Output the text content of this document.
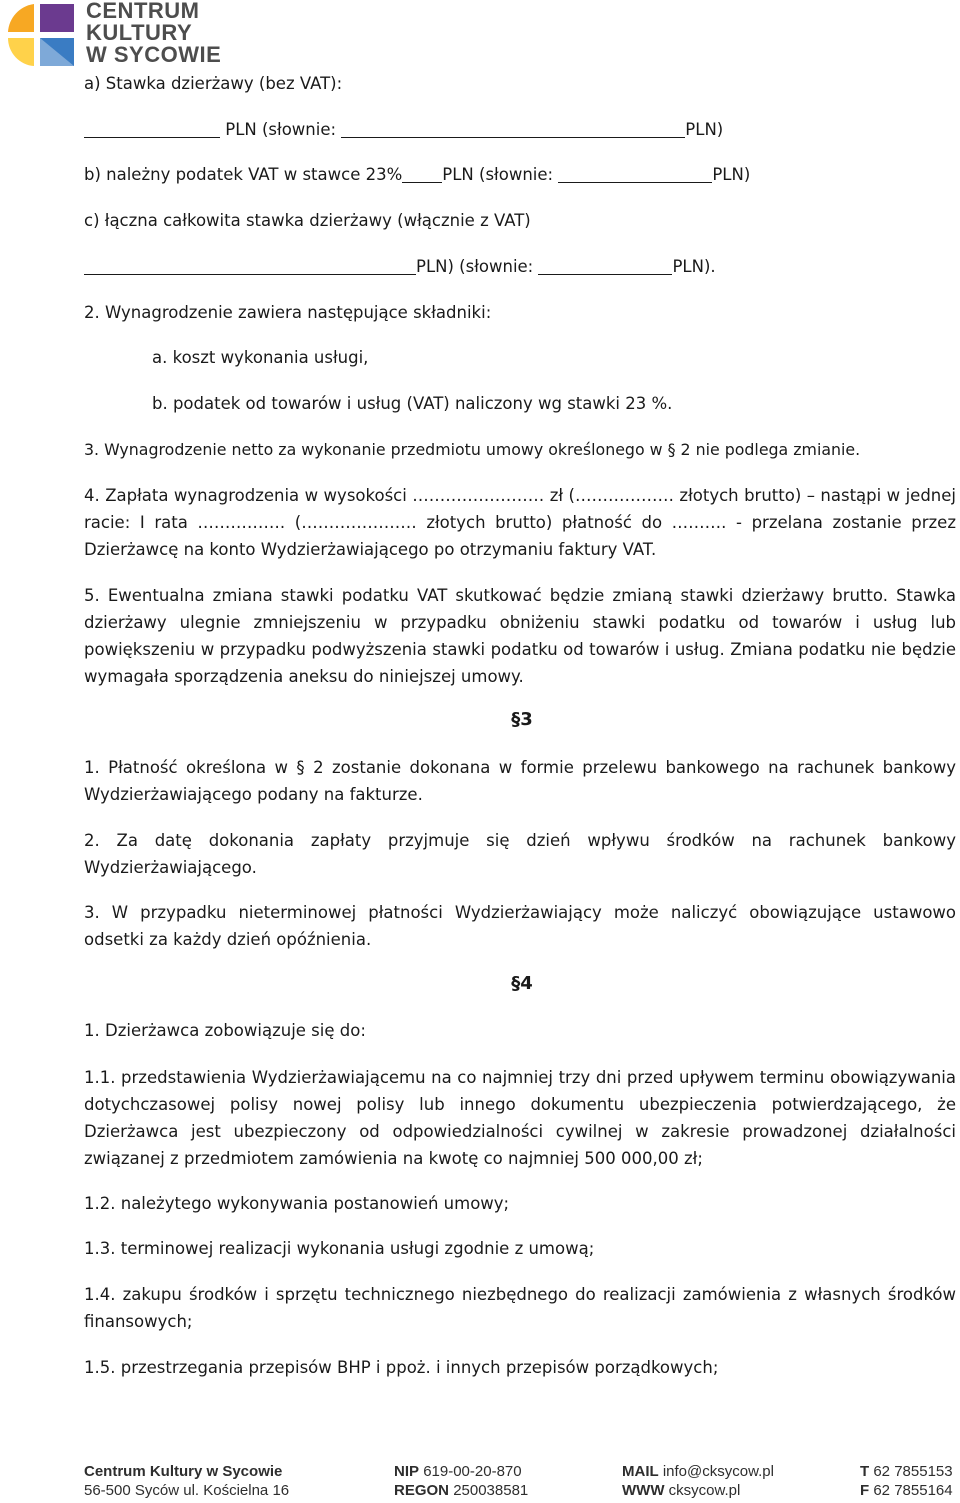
CENTRUM
KULTURY
W SYCOWIE

a) Stawka dzierżawy (bez VAT):

PLN (słownie:	PLN)

b) należny podatek VAT w stawce 23% PLN (słownie:	PLN)

c) łączna całkowita stawka dzierżawy (włącznie z VAT)

PLN) (słownie:	PLN).

2. Wynagrodzenie zawiera następujące składniki:

a. koszt wykonania usługi,

b. podatek od towarów i usług (VAT) naliczony wg stawki 23 %.

3. Wynagrodzenie netto za wykonanie przedmiotu umowy określonego w § 2 nie podlega zmianie.

4. Zapłata wynagrodzenia w wysokości …………………… zł (……………… złotych brutto) – nastąpi w jednej racie: I rata ……………. (………………… złotych brutto) płatność do ………. - przelana zostanie przez Dzierżawcę na konto Wydzierżawiającego po otrzymaniu faktury VAT.

5. Ewentualna zmiana stawki podatku VAT skutkować będzie zmianą stawki dzierżawy brutto. Stawka dzierżawy ulegnie zmniejszeniu w przypadku obniżeniu stawki podatku od towarów i usług lub powiększeniu w przypadku podwyższenia stawki podatku od towarów i usług. Zmiana podatku nie będzie wymagała sporządzenia aneksu do niniejszej umowy.

§3

1. Płatność określona w § 2 zostanie dokonana w formie przelewu bankowego na rachunek bankowy Wydzierżawiającego podany na fakturze.

2. Za datę dokonania zapłaty przyjmuje się dzień wpływu środków na rachunek bankowy Wydzierżawiającego.

3. W przypadku nieterminowej płatności Wydzierżawiający może naliczyć obowiązujące ustawowo odsetki za każdy dzień opóźnienia.

§4

1. Dzierżawca zobowiązuje się do:

1.1. przedstawienia Wydzierżawiającemu na co najmniej trzy dni przed upływem terminu obowiązywania dotychczasowej polisy nowej polisy lub innego dokumentu ubezpieczenia potwierdzającego, że Dzierżawca jest ubezpieczony od odpowiedzialności cywilnej w zakresie prowadzonej działalności związanej z przedmiotem zamówienia na kwotę co najmniej 500 000,00 zł;

1.2. należytego wykonywania postanowień umowy;

1.3. terminowej realizacji wykonania usługi zgodnie z umową;

1.4. zakupu środków i sprzętu technicznego niezbędnego do realizacji zamówienia z własnych środków finansowych;

1.5. przestrzegania przepisów BHP i ppoż. i innych przepisów porządkowych;

Centrum Kultury w Sycowie
56-500 Syców ul. Kościelna 16
NIP 619-00-20-870
REGON 250038581
MAIL info@cksycow.pl
WWW cksycow.pl
T 62 7855153
F 62 7855164
